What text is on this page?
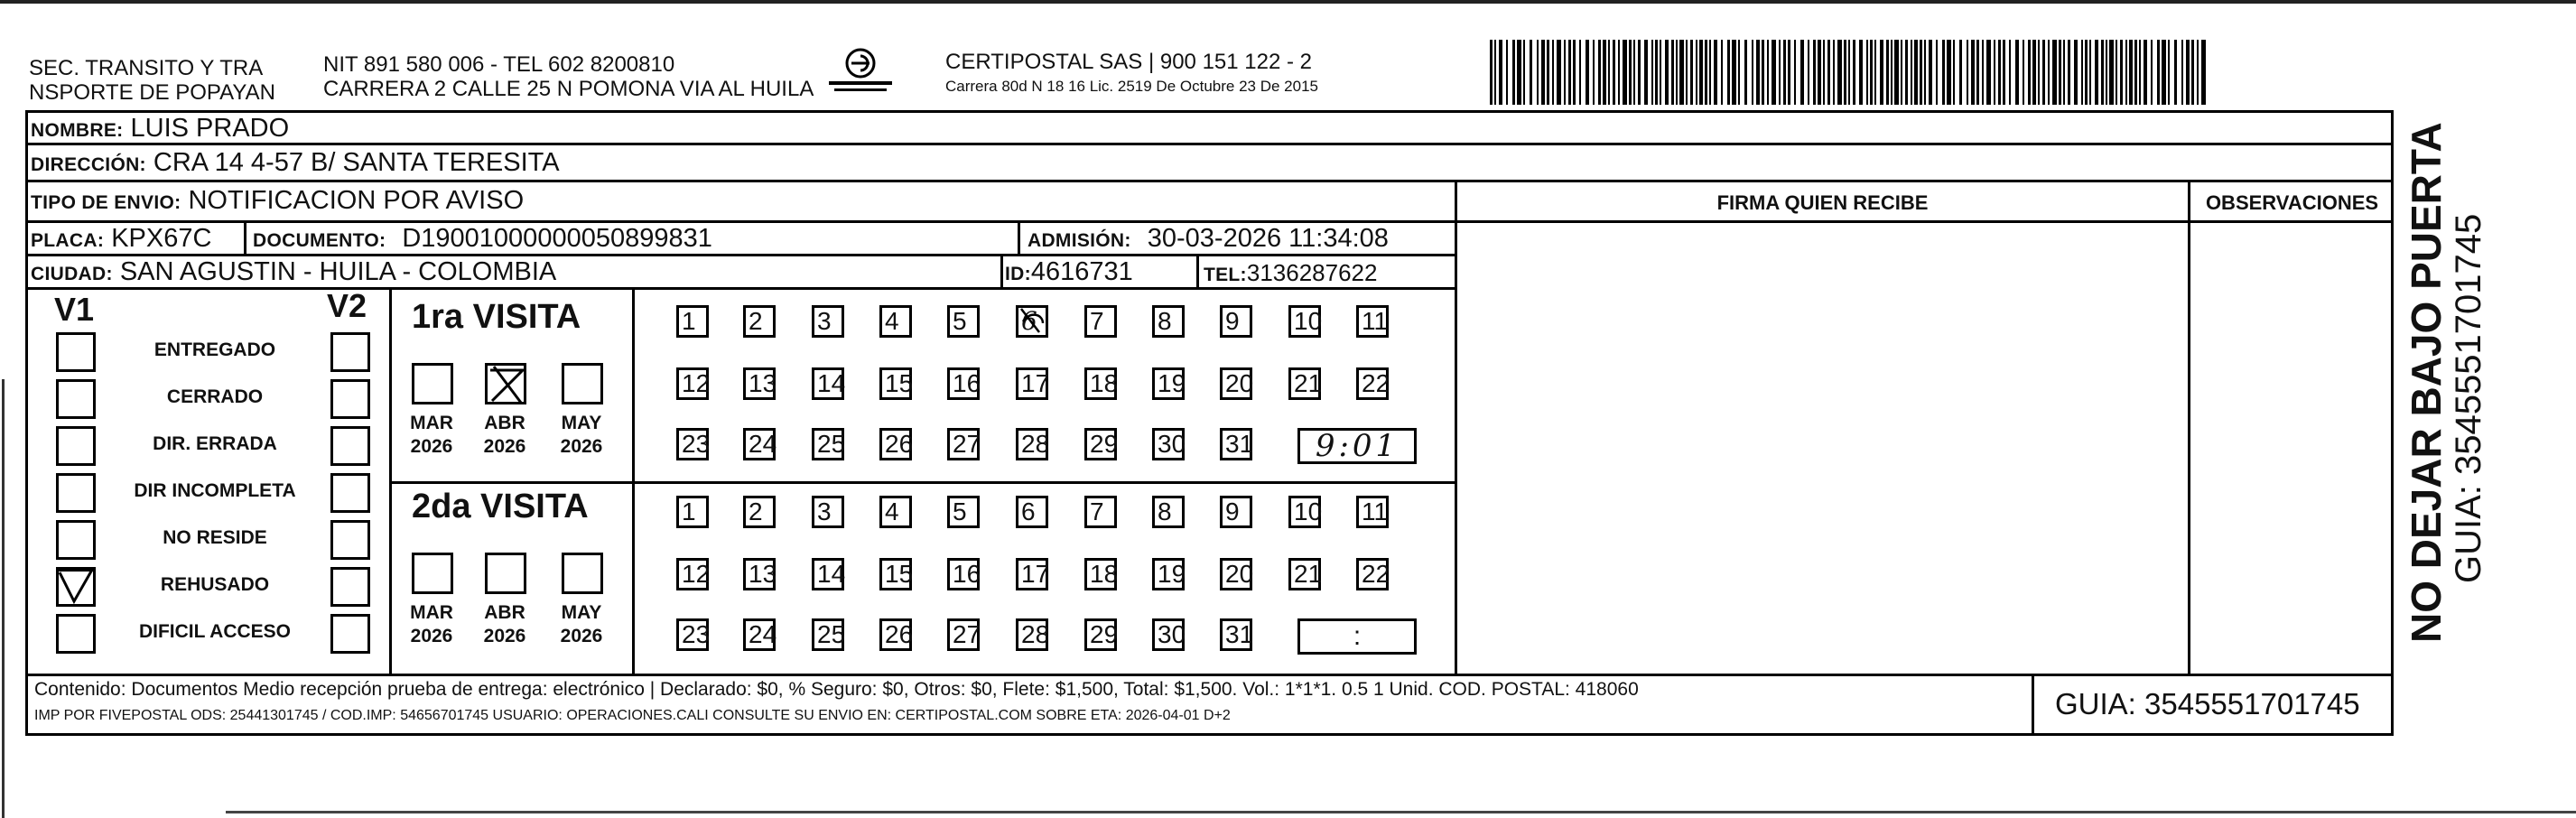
SEC. TRANSITO Y TRA
NSPORTE DE POPAYAN
NIT 891 580 006 - TEL 602 8200810
CARRERA 2 CALLE 25 N POMONA VIA AL HUILA
CERTIPOSTAL SAS | 900 151 122 - 2
Carrera 80d N 18 16 Lic. 2519 De Octubre 23 De 2015
NOMBRE: LUIS PRADO
DIRECCIÓN: CRA 14 4-57 B/ SANTA TERESITA
TIPO DE ENVIO: NOTIFICACION POR AVISO
PLACA: KPX67C DOCUMENTO: D19001000000050899831	ADMISIÓN: 30-03-2026 11:34:08
CIUDAD: SAN AGUSTIN - HUILA - COLOMBIA	ID:4616731	TEL:3136287622
FIRMA QUIEN RECIBE	OBSERVACIONES
V1	V2
ENTREGADO
CERRADO
DIR. ERRADA
DIR INCOMPLETA
NO RESIDE
REHUSADO
DIFICIL ACCESO
1ra VISITA
MAR
2026
ABR
2026
MAY
2026
1	2	3	4	5	6	7	8	9	10 11
12 13 14 15 16 17 18 19 20 21 22
23 24 25 26 27 28 29 30 31	9:01
2da VISITA
MAR
2026
ABR
2026
MAY
2026
1	2	3	4	5	6	7	8	9	10 11
12 13 14 15 16 17 18 19 20 21 22
23 24 25 26 27 28 29 30 31	:
Contenido: Documentos Medio recepción prueba de entrega: electrónico | Declarado: $0, % Seguro: $0, Otros: $0, Flete: $1,500, Total: $1,500. Vol.: 1*1*1. 0.5 1 Unid. COD. POSTAL: 418060
IMP POR FIVEPOSTAL ODS: 25441301745 / COD.IMP: 54656701745 USUARIO: OPERACIONES.CALI CONSULTE SU ENVIO EN: CERTIPOSTAL.COM SOBRE ETA: 2026-04-01 D+2	GUIA: 3545551701745
NO DEJAR BAJO PUERTA GUIA: 3545551701745
